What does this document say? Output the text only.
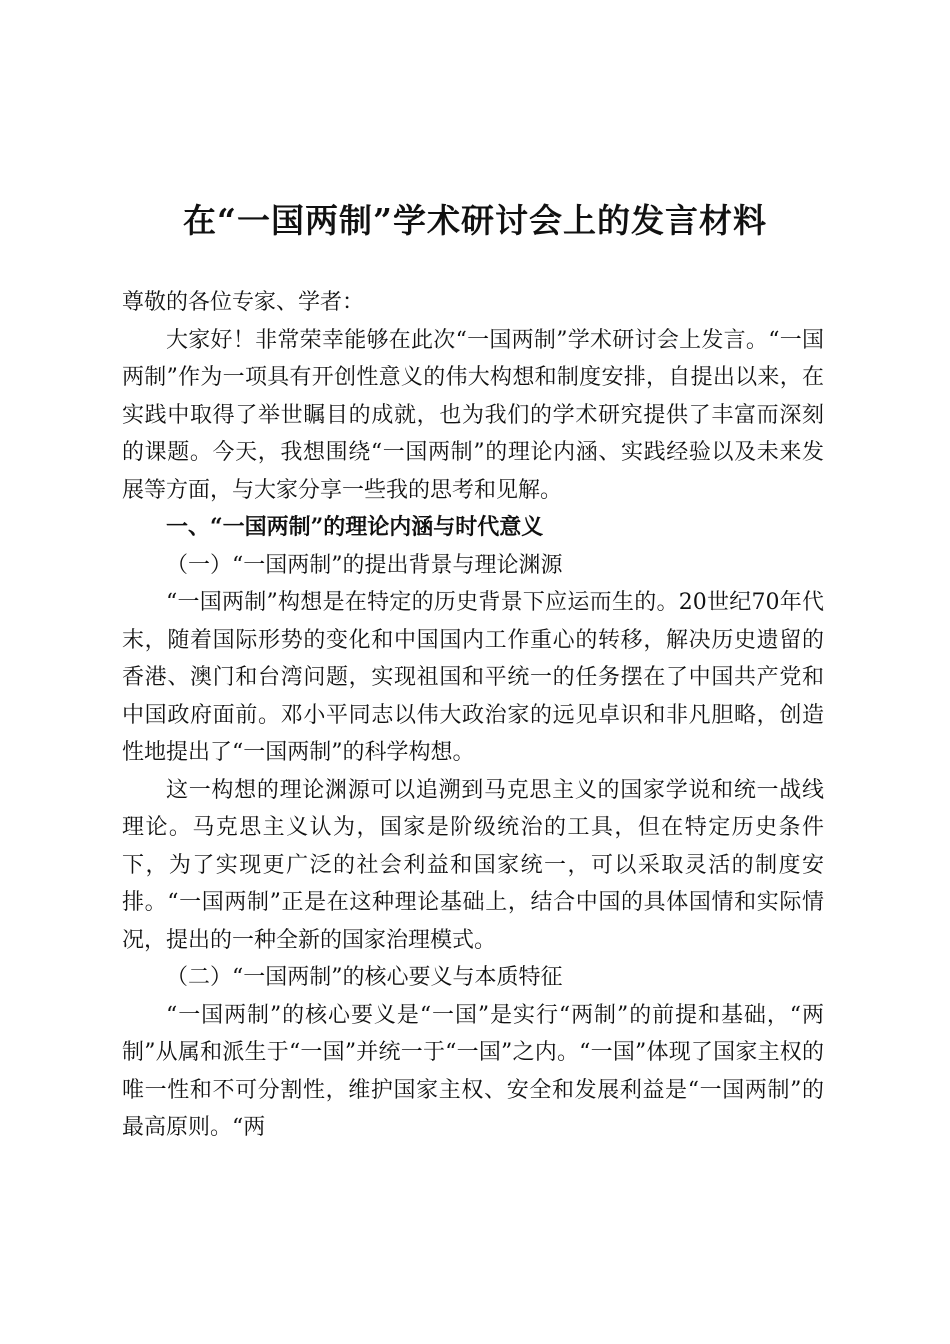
在“一国两制”学术研讨会上的发言材料

尊敬的各位专家、学者：

大家好！非常荣幸能够在此次“一国两制”学术研讨会上发言。“一国两制”作为一项具有开创性意义的伟大构想和制度安排，自提出以来，在实践中取得了举世瞩目的成就，也为我们的学术研究提供了丰富而深刻的课题。今天，我想围绕“一国两制”的理论内涵、实践经验以及未来发展等方面，与大家分享一些我的思考和见解。

一、“一国两制”的理论内涵与时代意义

（一）“一国两制”的提出背景与理论渊源

“一国两制”构想是在特定的历史背景下应运而生的。20世纪70年代末，随着国际形势的变化和中国国内工作重心的转移，解决历史遗留的香港、澳门和台湾问题，实现祖国和平统一的任务摆在了中国共产党和中国政府面前。邓小平同志以伟大政治家的远见卓识和非凡胆略，创造性地提出了“一国两制”的科学构想。

这一构想的理论渊源可以追溯到马克思主义的国家学说和统一战线理论。马克思主义认为，国家是阶级统治的工具，但在特定历史条件下，为了实现更广泛的社会利益和国家统一，可以采取灵活的制度安排。“一国两制”正是在这种理论基础上，结合中国的具体国情和实际情况，提出的一种全新的国家治理模式。

（二）“一国两制”的核心要义与本质特征

“一国两制”的核心要义是“一国”是实行“两制”的前提和基础，“两制”从属和派生于“一国”并统一于“一国”之内。“一国”体现了国家主权的唯一性和不可分割性，维护国家主权、安全和发展利益是“一国两制”的最高原则。“两
